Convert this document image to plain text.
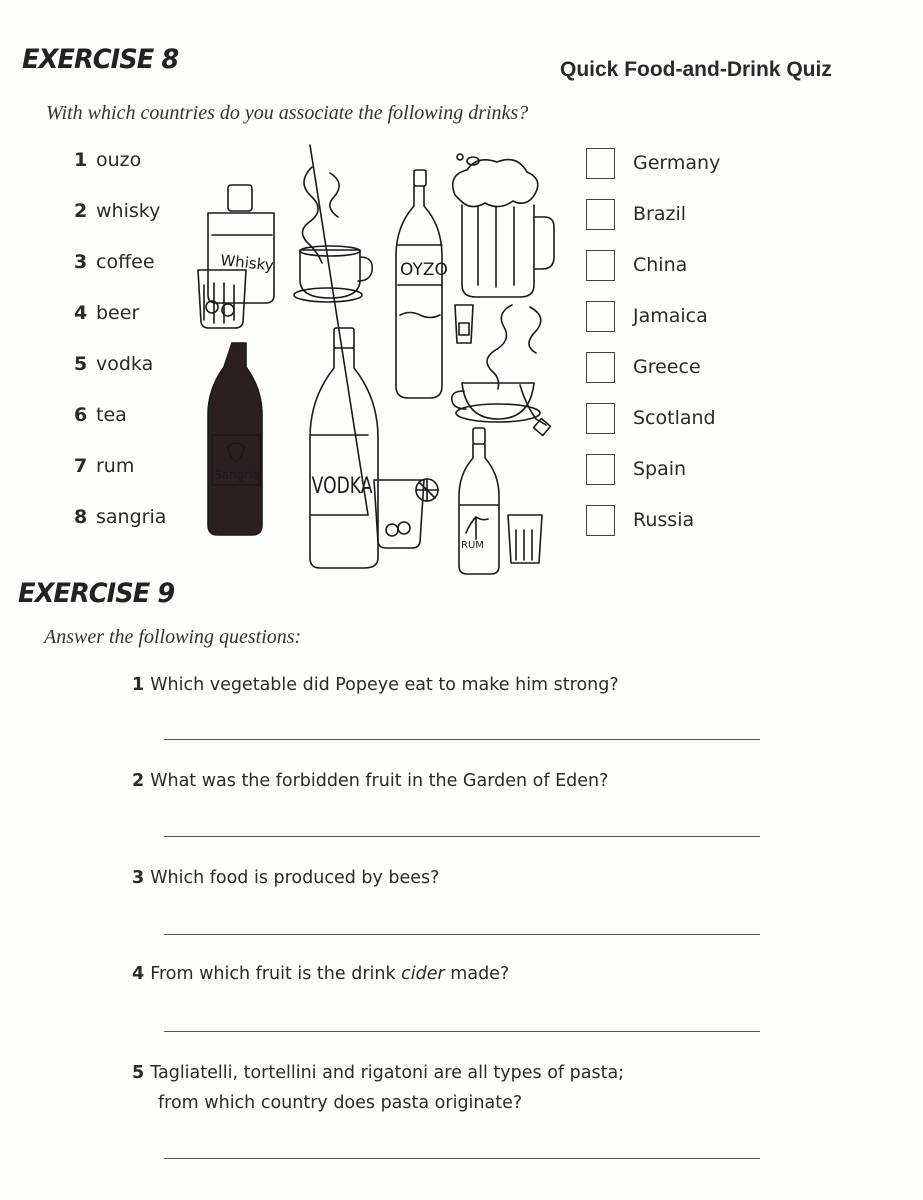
EXERCISE 8	Quick Food-and-Drink Quiz
With which countries do you associate the following drinks?
1 ouzo
2 whisky
3 coffee
4 beer
5 vodka
6 tea
7 rum
8 sangria
Whisky	OYZO
Sangria VODKA
RUM
Germany
Brazil
China
Jamaica
Greece
Scotland
Spain
Russia
EXERCISE 9
Answer the following questions:
1 Which vegetable did Popeye eat to make him strong?
2 What was the forbidden fruit in the Garden of Eden?
3 Which food is produced by bees?
4 From which fruit is the drink cider made?
5 Tagliatelli, tortellini and rigatoni are all types of pasta;
from which country does pasta originate?
